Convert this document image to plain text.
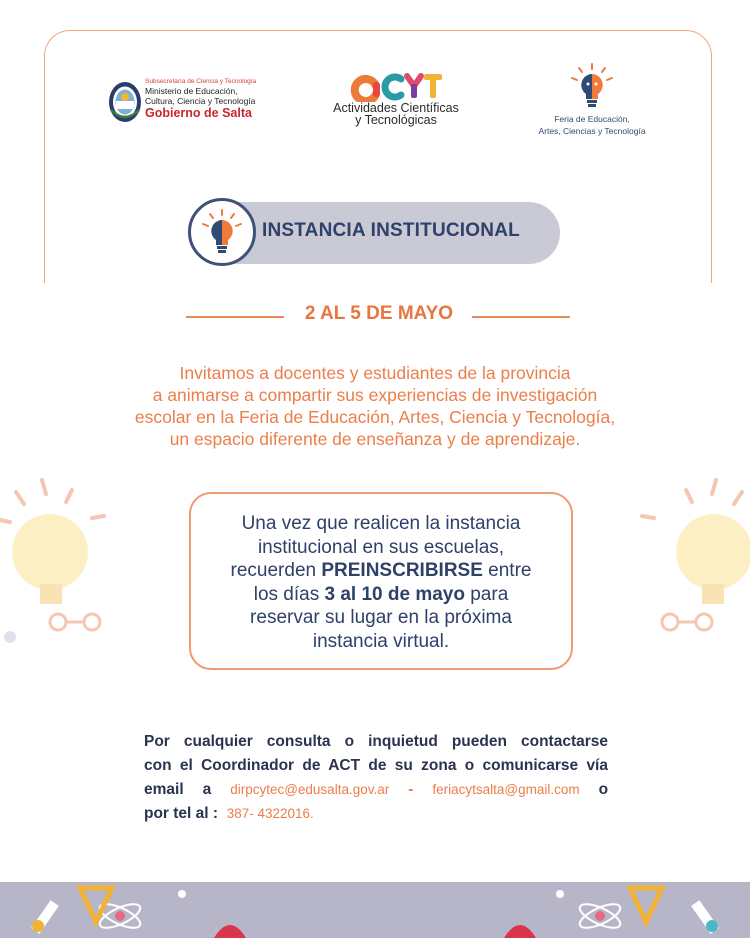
Subsecretaría de Ciencia y Tecnología
Ministerio de Educación,
Cultura, Ciencia y Tecnología
Gobierno de Salta	Actividades Científicas
y Tecnológicas	Feria de Educación,
Artes, Ciencias y Tecnología
INSTANCIA INSTITUCIONAL
2 AL 5 DE MAYO
Invitamos a docentes y estudiantes de la provincia
a animarse a compartir sus experiencias de investigación
escolar en la Feria de Educación, Artes, Ciencia y Tecnología,
un espacio diferente de enseñanza y de aprendizaje.
Una vez que realicen la instancia
institucional en sus escuelas,
recuerden PREINSCRIBIRSE entre
los días 3 al 10 de mayo para
reservar su lugar en la próxima
instancia virtual.
Por cualquier consulta o inquietud pueden contactarse
con el Coordinador de ACT de su zona o comunicarse vía
email a dirpcytec@edusalta.gov.ar - feriacytsalta@gmail.com o
por tel al : 387- 4322016.
